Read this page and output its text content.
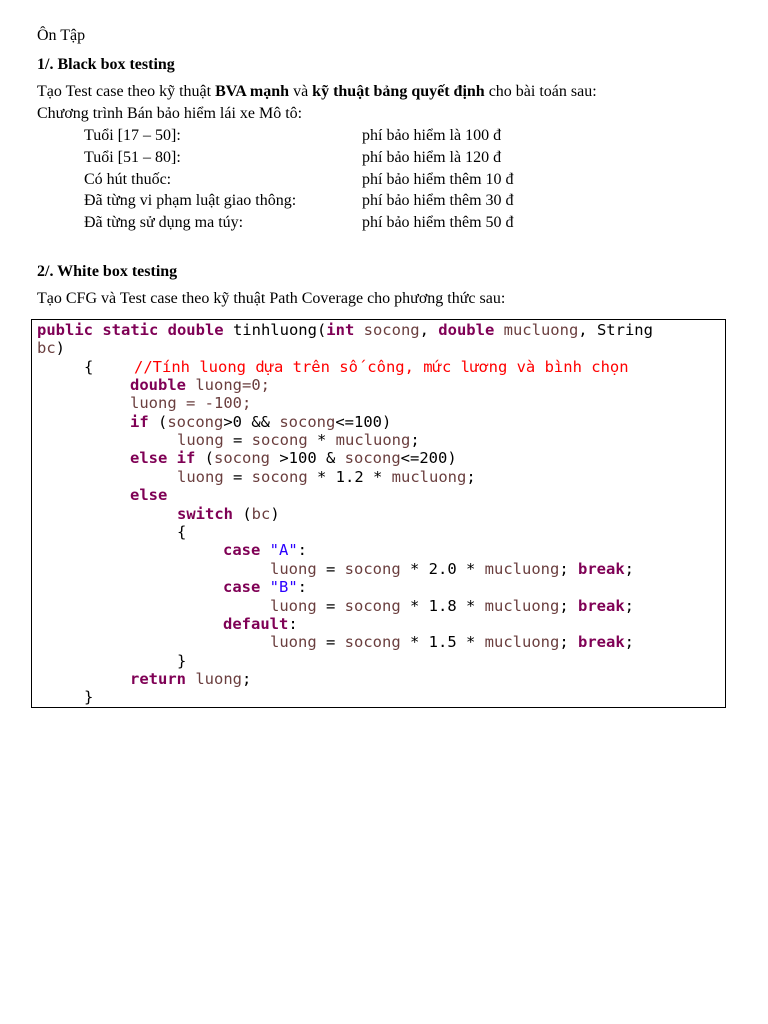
Ôn Tập
1/. Black box testing
Tạo Test case theo kỹ thuật BVA mạnh và kỹ thuật bảng quyết định cho bài toán sau:
Chương trình Bán bảo hiểm lái xe Mô tô:
Tuổi [17 – 50]:	phí bảo hiểm là 100 đ
Tuổi [51 – 80]:	phí bảo hiểm là 120 đ
Có hút thuốc:	phí bảo hiểm thêm 10 đ
Đã từng vi phạm luật giao thông:	phí bảo hiểm thêm 30 đ
Đã từng sử dụng ma túy:	phí bảo hiểm thêm 50 đ
2/. White box testing
Tạo CFG và Test case theo kỹ thuật Path Coverage cho phương thức sau:
public static double tinhluong(int socong, double mucluong, String
bc)
{	//Tính luong dựa trên số công, mức lương và bình chọn
double luong=0;
luong = -100;
if (socong>0 && socong<=100)
luong = socong * mucluong;
else if (socong >100 & socong<=200)
luong = socong * 1.2 * mucluong;
else
switch (bc)
{
case "A":
luong = socong * 2.0 * mucluong; break;
case "B":
luong = socong * 1.8 * mucluong; break;
default:
luong = socong * 1.5 * mucluong; break;
}
return luong;
}
